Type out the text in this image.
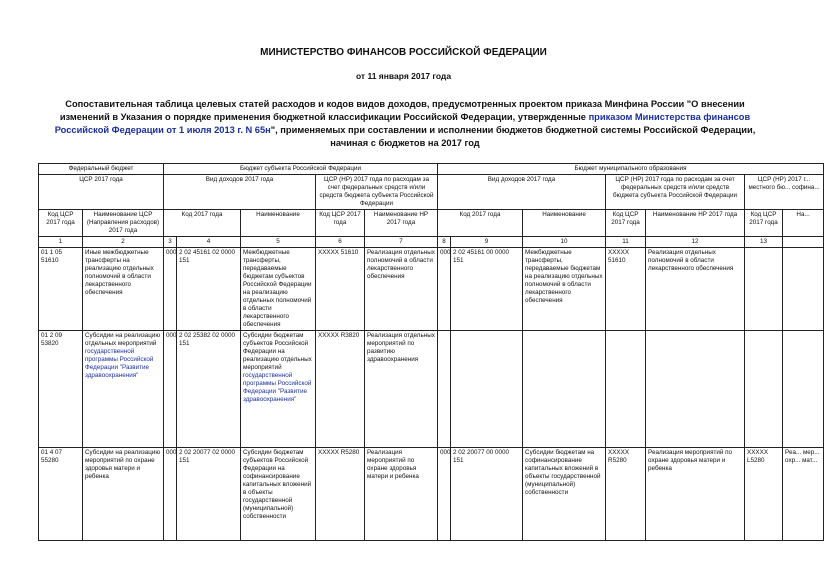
МИНИСТЕРСТВО ФИНАНСОВ РОССИЙСКОЙ ФЕДЕРАЦИИ
от 11 января 2017 года
Сопоставительная таблица целевых статей расходов и кодов видов доходов, предусмотренных проектом приказа Минфина России "О внесении изменений в Указания о порядке применения бюджетной классификации Российской Федерации, утвержденные приказом Министерства финансов Российской Федерации от 1 июля 2013 г. N 65н", применяемых при составлении и исполнении бюджетов бюджетной системы Российской Федерации, начиная с бюджетов на 2017 год
Федеральный бюджет		Бюджет субъекта Российской Федерации					Бюджет муниципального образования						
ЦСР 2017 года		Вид доходов 2017 года			ЦСР (НР) 2017 года по расходам за счет федеральных средств и/или средств бюджета субъекта Российской Федерации		Вид доходов 2017 года			ЦСР (НР) 2017 года по расходам за счет федеральных средств и/или средств бюджета субъекта Российской Федерации		ЦСР (НР) 2017 г... местного бю... софина...	
Код ЦСР 2017 года	Наименование ЦСР (Направления расходов) 2017 года	Код 2017 года		Наименование	Код ЦСР 2017 года	Наименование НР 2017 года	Код 2017 года		Наименование	Код ЦСР 2017 года	Наименование НР 2017 года	Код ЦСР 2017 года	На...
1	2	3	4	5	6	7	8	9	10	11	12	13	
01 1 05 51610	Иные межбюджетные трансферты на реализацию отдельных полномочий в области лекарственного обеспечения	000	2 02 45161 02 0000 151	Межбюджетные трансферты, передаваемые бюджетам субъектов Российской Федерации на реализацию отдельных полномочий в области лекарственного обеспечения	XXXXX 51610	Реализация отдельных полномочий в области лекарственного обеспечения	000	2 02 45161 00 0000 151	Межбюджетные трансферты, передаваемые бюджетам на реализацию отдельных полномочий в области лекарственного обеспечения	XXXXX 51610	Реализация отдельных полномочий в области лекарственного обеспечения		
01 2 09 53820	Субсидии на реализацию отдельных мероприятий государственной программы Российской Федерации "Развитие здравоохранения"	000	2 02 25382 02 0000 151	Субсидии бюджетам субъектов Российской Федерации на реализацию отдельных мероприятий государственной программы Российской Федерации "Развитие здравоохранения"	XXXXX R3820	Реализация отдельных мероприятий по развитию здравоохранения							
01 4 07 55280	Субсидии на реализацию мероприятий по охране здоровья матери и ребенка	000	2 02 20077 02 0000 151	Субсидии бюджетам субъектов Российской Федерации на софинансирование капитальных вложений в объекты государственной (муниципальной) собственности	XXXXX R5280	Реализация мероприятий по охране здоровья матери и ребенка	000	2 02 20077 00 0000 151	Субсидии бюджетам на софинансирование капитальных вложений в объекты государственной (муниципальной) собственности	XXXXX R5280	Реализация мероприятий по охране здоровья матери и ребенка	XXXXX L5280	Реа... мер... охр... мат...
